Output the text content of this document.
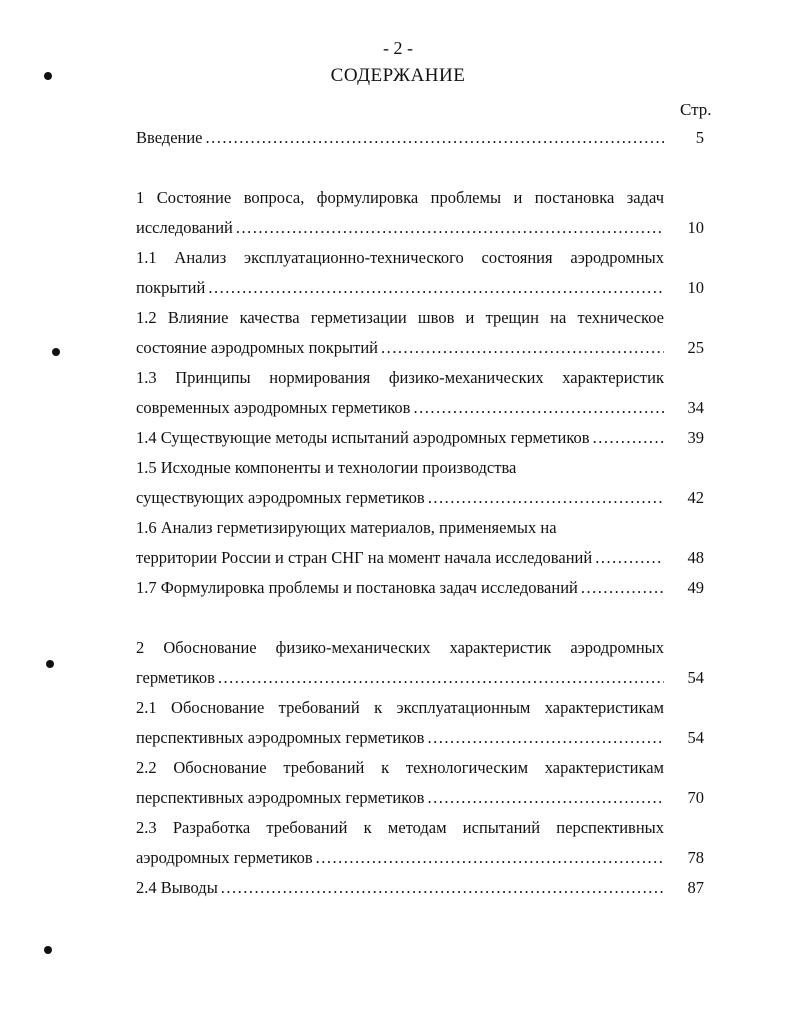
- 2 -
СОДЕРЖАНИЕ
Стр.
Введение .....	5
1 Состояние вопроса, формулировка проблемы и постановка задач
исследований .....	10
1.1 Анализ эксплуатационно-технического состояния аэродромных
покрытий .....	10
1.2 Влияние качества герметизации швов и трещин на техническое
состояние аэродромных покрытий .....	25
1.3 Принципы нормирования физико-механических характеристик
современных аэродромных герметиков .....	34
1.4 Существующие методы испытаний аэродромных герметиков .....	39
1.5 Исходные компоненты и технологии производства
существующих аэродромных герметиков .....	42
1.6 Анализ герметизирующих материалов, применяемых на
территории России и стран СНГ на момент начала исследований .....	48
1.7 Формулировка проблемы и постановка задач исследований .....	49
2 Обоснование физико-механических характеристик аэродромных
герметиков .....	54
2.1 Обоснование требований к эксплуатационным характеристикам
перспективных аэродромных герметиков .....	54
2.2 Обоснование требований к технологическим характеристикам
перспективных аэродромных герметиков .....	70
2.3 Разработка требований к методам испытаний перспективных
аэродромных герметиков .....	78
2.4 Выводы .....	87
